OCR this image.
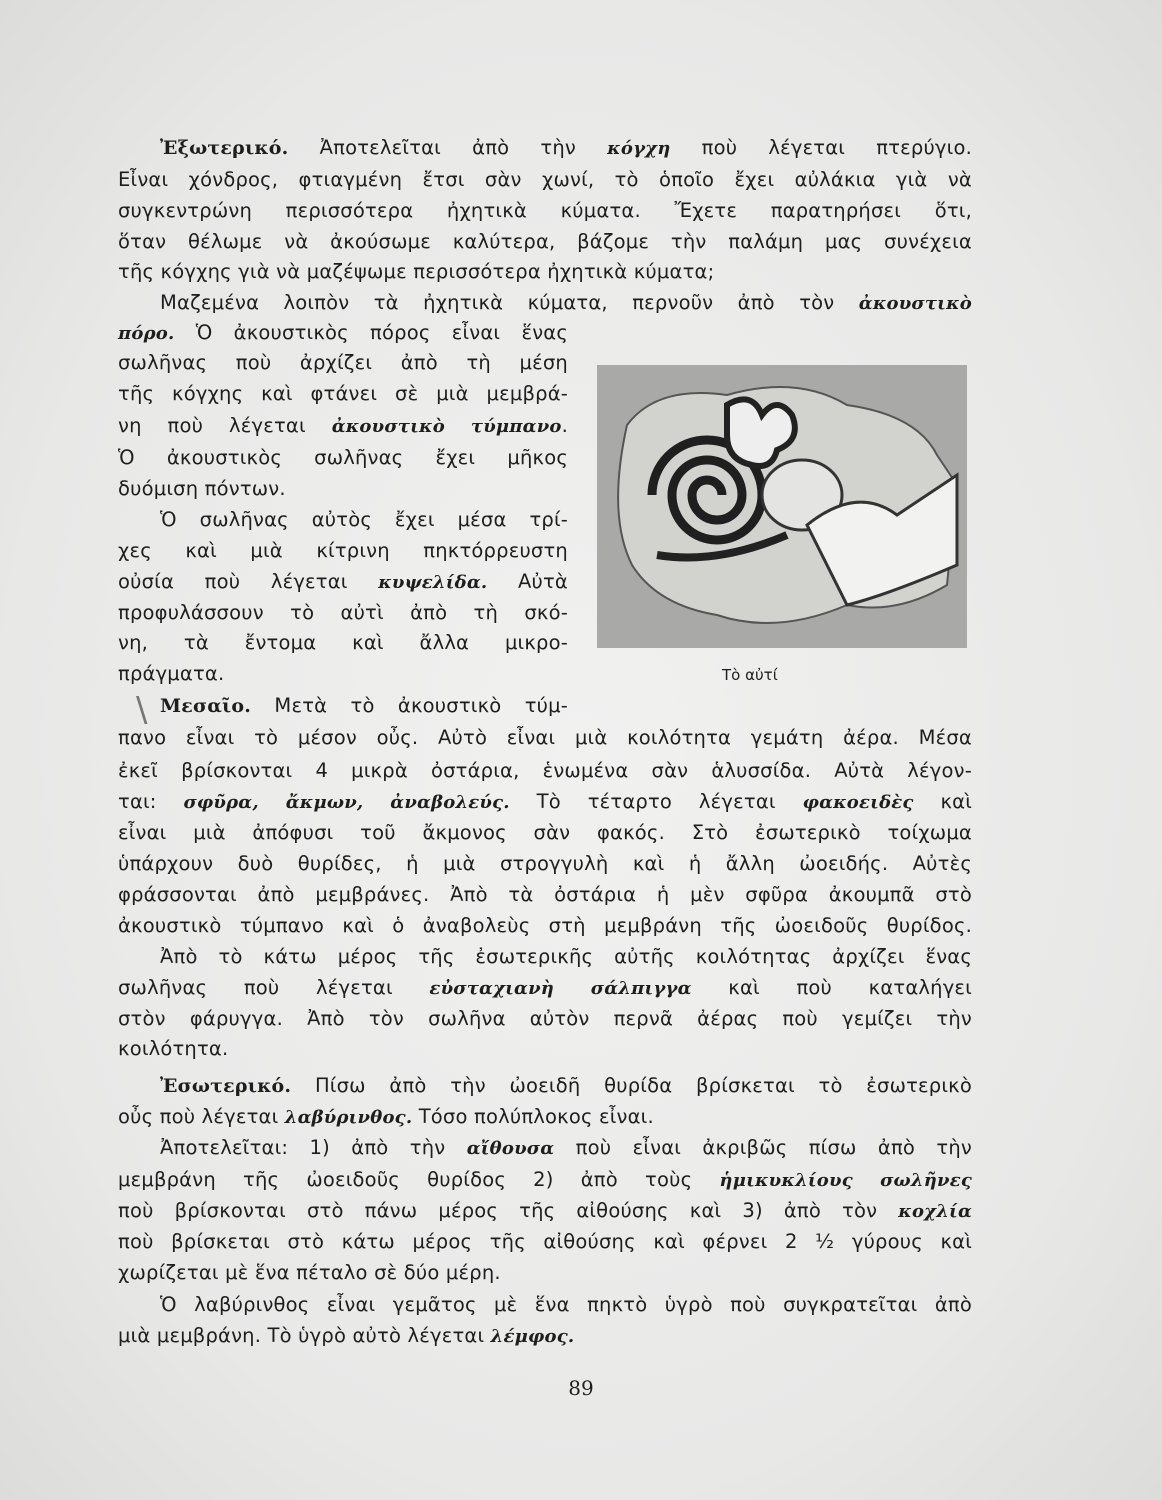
Ἐξωτερικό. Ἀποτελεῖται ἀπὸ τὴν κόγχη ποὺ λέγεται πτερύγιο.
Εἶναι χόνδρος, φτιαγμένη ἔτσι σὰν χωνί, τὸ ὁποῖο ἔχει αὐλάκια γιὰ νὰ
συγκεντρώνη περισσότερα ἠχητικὰ κύματα. Ἔχετε παρατηρήσει ὅτι,
ὅταν θέλωμε νὰ ἀκούσωμε καλύτερα, βάζομε τὴν παλάμη μας συνέχεια
τῆς κόγχης γιὰ νὰ μαζέψωμε περισσότερα ἠχητικὰ κύματα;
Μαζεμένα λοιπὸν τὰ ἠχητικὰ κύματα, περνοῦν ἀπὸ τὸν ἀκουστικὸ
πόρο. Ὁ ἀκουστικὸς πόρος εἶναι ἕνας
σωλῆνας ποὺ ἀρχίζει ἀπὸ τὴ μέση
τῆς κόγχης καὶ φτάνει σὲ μιὰ μεμβρά-
νη ποὺ λέγεται ἀκουστικὸ τύμπανο.
Ὁ ἀκουστικὸς σωλῆνας ἔχει μῆκος
δυόμιση πόντων.
Ὁ σωλῆνας αὐτὸς ἔχει μέσα τρί-
χες καὶ μιὰ κίτρινη πηκτόρρευστη
οὐσία ποὺ λέγεται κυψελίδα. Αὐτὰ
προφυλάσσουν τὸ αὐτὶ ἀπὸ τὴ σκό-
νη, τὰ ἔντομα καὶ ἄλλα μικρο-
πράγματα.
Μεσαῖο. Μετὰ τὸ ἀκουστικὸ τύμ-
πανο εἶναι τὸ μέσον οὖς. Αὐτὸ εἶναι μιὰ κοιλότητα γεμάτη ἀέρα. Μέσα
ἐκεῖ βρίσκονται 4 μικρὰ ὀστάρια, ἑνωμένα σὰν ἁλυσσίδα. Αὐτὰ λέγον-
ται: σφῦρα, ἄκμων, ἀναβολεύς. Τὸ τέταρτο λέγεται φακοειδὲς καὶ
εἶναι μιὰ ἀπόφυσι τοῦ ἄκμονος σὰν φακός. Στὸ ἐσωτερικὸ τοίχωμα
ὑπάρχουν δυὸ θυρίδες, ἡ μιὰ στρογγυλὴ καὶ ἡ ἄλλη ὠοειδής. Αὐτὲς
φράσσονται ἀπὸ μεμβράνες. Ἀπὸ τὰ ὀστάρια ἡ μὲν σφῦρα ἀκουμπᾶ στὸ
ἀκουστικὸ τύμπανο καὶ ὁ ἀναβολεὺς στὴ μεμβράνη τῆς ὠοειδοῦς θυρίδος.
Ἀπὸ τὸ κάτω μέρος τῆς ἐσωτερικῆς αὐτῆς κοιλότητας ἀρχίζει ἕνας
σωλῆνας ποὺ λέγεται εὐσταχιανὴ σάλπιγγα καὶ ποὺ καταλήγει
στὸν φάρυγγα. Ἀπὸ τὸν σωλῆνα αὐτὸν περνᾶ ἀέρας ποὺ γεμίζει τὴν
κοιλότητα.
Ἐσωτερικό. Πίσω ἀπὸ τὴν ὠοειδῆ θυρίδα βρίσκεται τὸ ἐσωτερικὸ
οὖς ποὺ λέγεται λαβύρινθος. Τόσο πολύπλοκος εἶναι.
Ἀποτελεῖται: 1) ἀπὸ τὴν αἴθουσα ποὺ εἶναι ἀκριβῶς πίσω ἀπὸ τὴν
μεμβράνη τῆς ὠοειδοῦς θυρίδος 2) ἀπὸ τοὺς ἡμικυκλίους σωλῆνες
ποὺ βρίσκονται στὸ πάνω μέρος τῆς αἰθούσης καὶ 3) ἀπὸ τὸν κοχλία
ποὺ βρίσκεται στὸ κάτω μέρος τῆς αἰθούσης καὶ φέρνει 2 ½ γύρους καὶ
χωρίζεται μὲ ἕνα πέταλο σὲ δύο μέρη.
Ὁ λαβύρινθος εἶναι γεμᾶτος μὲ ἕνα πηκτὸ ὑγρὸ ποὺ συγκρατεῖται ἀπὸ
μιὰ μεμβράνη. Τὸ ὑγρὸ αὐτὸ λέγεται λέμφος.
Τὸ αὐτί
\
89
